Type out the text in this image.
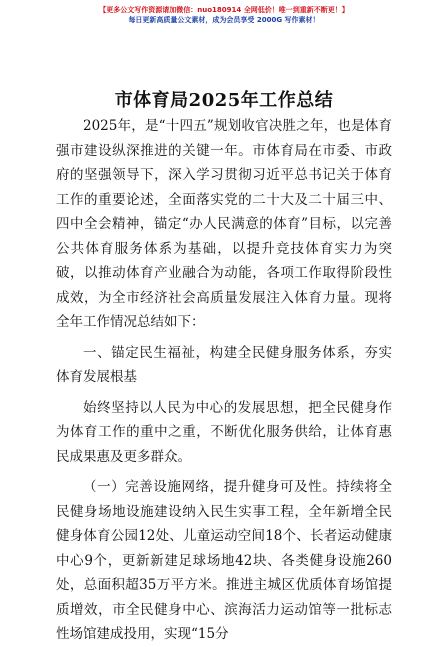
【更多公文写作资源请加微信：nuo180914 全网低价！唯一到重新不断更！】
每日更新高质量公文素材，成为会员享受 2000G 写作素材！
市体育局2025年工作总结

2025年，是“十四五”规划收官决胜之年，也是体育强市建设纵深推进的关键一年。市体育局在市委、市政府的坚强领导下，深入学习贯彻习近平总书记关于体育工作的重要论述，全面落实党的二十大及二十届三中、四中全会精神，锚定“办人民满意的体育”目标，以完善公共体育服务体系为基础，以提升竞技体育实力为突破，以推动体育产业融合为动能，各项工作取得阶段性成效，为全市经济社会高质量发展注入体育力量。现将全年工作情况总结如下：

一、锚定民生福祉，构建全民健身服务体系，夯实体育发展根基

始终坚持以人民为中心的发展思想，把全民健身作为体育工作的重中之重，不断优化服务供给，让体育惠民成果惠及更多群众。

（一）完善设施网络，提升健身可及性。持续将全民健身场地设施建设纳入民生实事工程，全年新增全民健身体育公园12处、儿童运动空间18个、长者运动健康中心9个，更新新建足球场地42块、各类健身设施260处，总面积超35万平方米。推进主城区优质体育场馆提质增效，市全民健身中心、滨海活力运动馆等一批标志性场馆建成投用，实现“15分
